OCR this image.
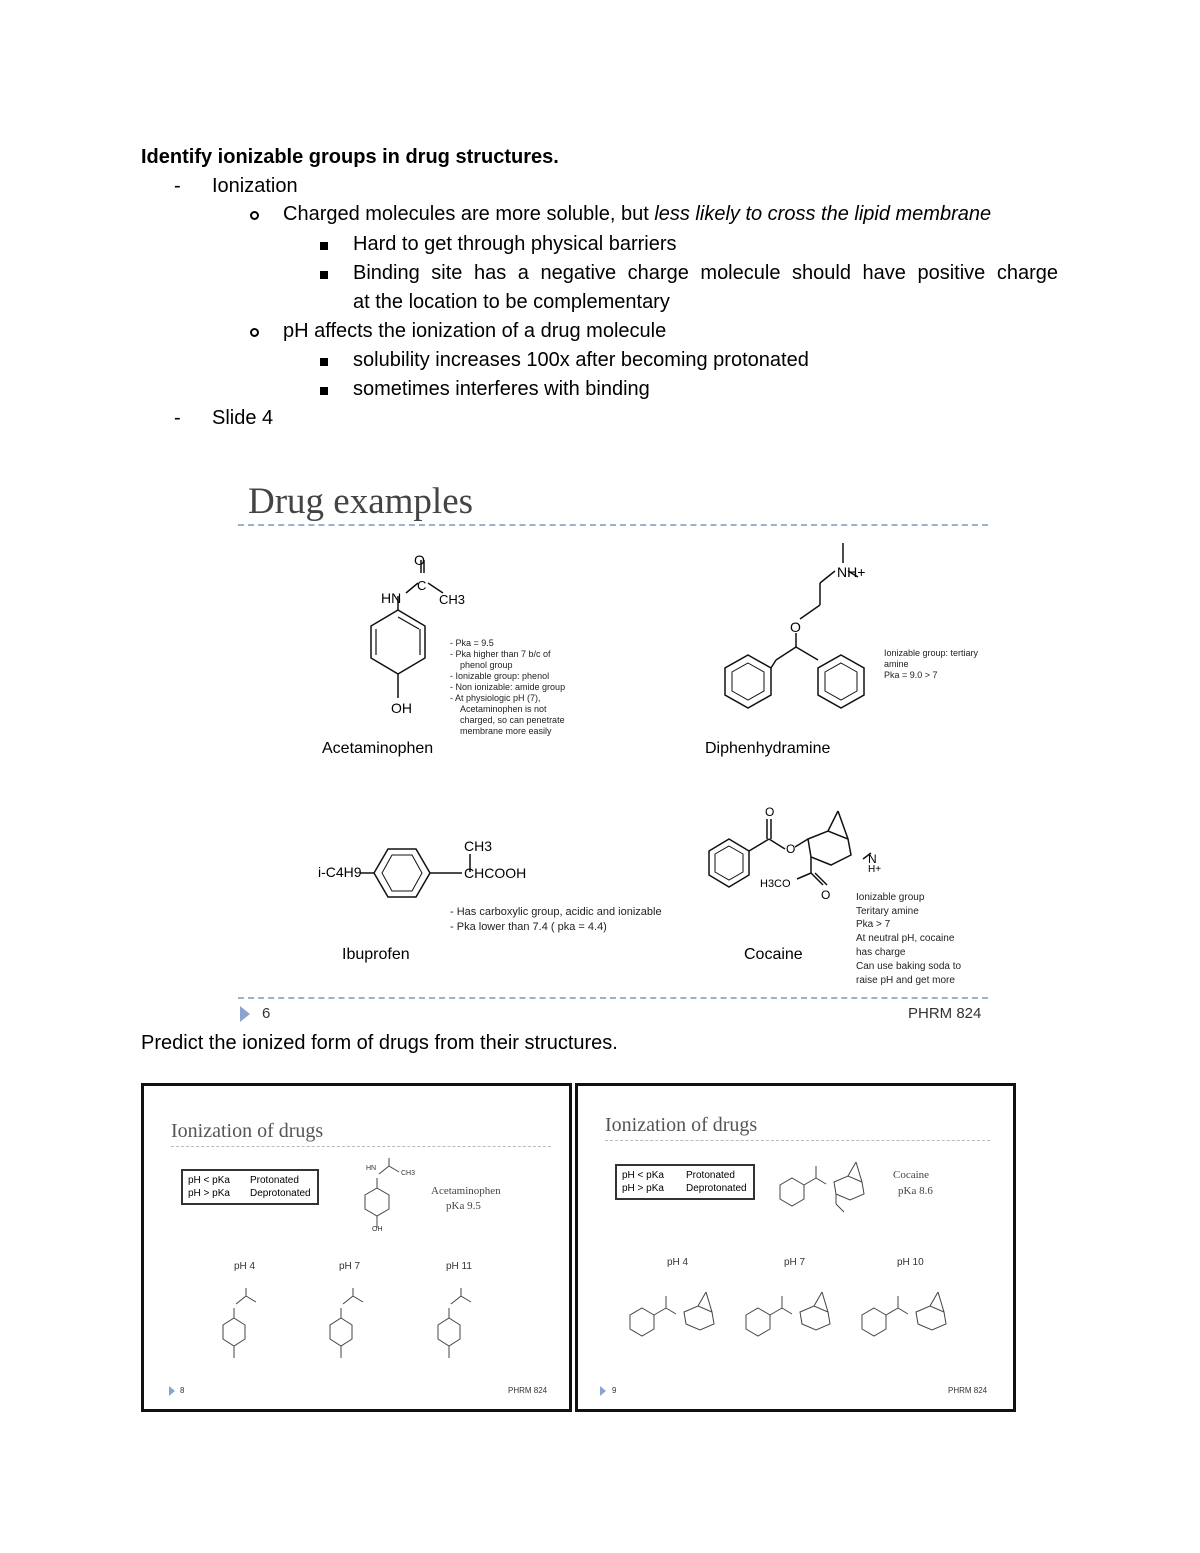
Identify ionizable groups in drug structures.
- Ionization
Charged molecules are more soluble, but less likely to cross the lipid membrane
Hard to get through physical barriers
Binding site has a negative charge molecule should have positive charge
at the location to be complementary
pH affects the ionization of a drug molecule
solubility increases 100x after becoming protonated
sometimes interferes with binding
- Slide 4
Predict the ionized form of drugs from their structures.
Drug examples
O
HN
C
CH3
OH
Acetaminophen
- Pka = 9.5
- Pka higher than 7 b/c of
phenol group
- Ionizable group: phenol
- Non ionizable: amide group
- At physiologic pH (7),
Acetaminophen is not
charged, so can penetrate
membrane more easily
NH+
O
Diphenhydramine
Ionizable group: tertiary
amine
Pka = 9.0 > 7
i-C4H9
CH3
CHCOOH
Ibuprofen
- Has carboxylic group, acidic and ionizable
- Pka lower than 7.4 ( pka = 4.4)
O
O
O
N
H+
H3CO
Cocaine
Ionizable group
Teritary amine
Pka > 7
At neutral pH, cocaine
has charge
Can use baking soda to
raise pH and get more
6	PHRM 824
Ionization of drugs
pH < pKa Protonated
pH > pKa Deprotonated
HN
CH3
OH
Acetaminophen
pKa 9.5
pH 4	pH 7	pH 11
8	PHRM 824
Ionization of drugs
pH < pKa Protonated
pH > pKa Deprotonated
Cocaine
pKa 8.6
pH 4	pH 7	pH 10
9	PHRM 824
